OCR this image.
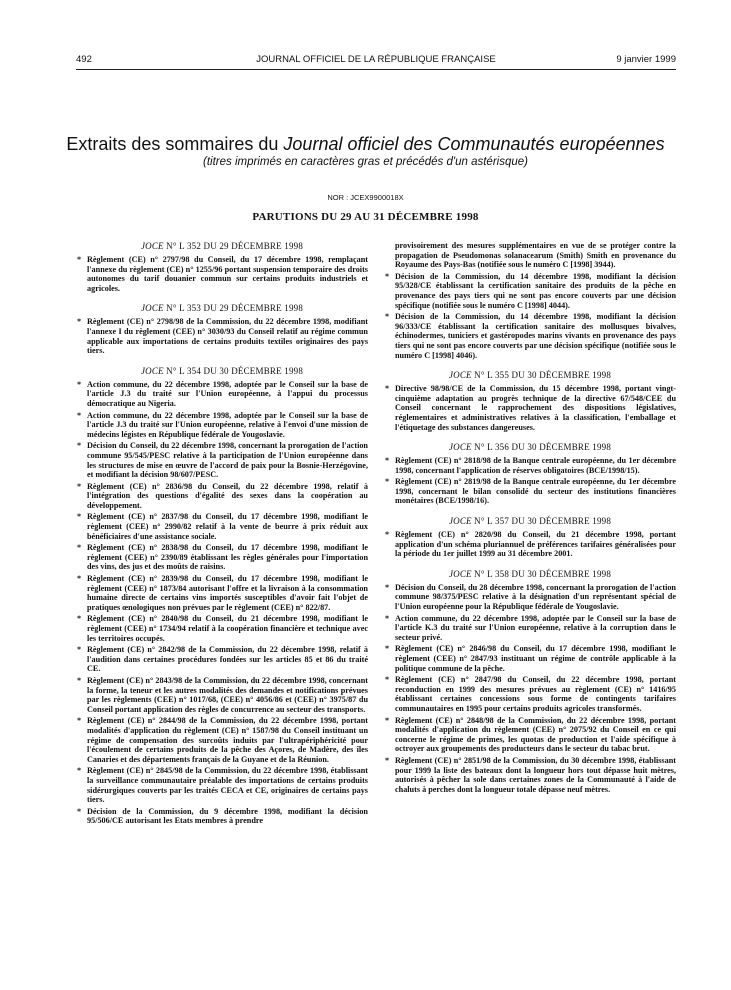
492	JOURNAL OFFICIEL DE LA RÉPUBLIQUE FRANÇAISE	9 janvier 1999
Extraits des sommaires du Journal officiel des Communautés européennes
(titres imprimés en caractères gras et précédés d'un astérisque)
NOR : JCEX9900018X
PARUTIONS DU 29 AU 31 DÉCEMBRE 1998
JOCE N° L 352 DU 29 DÉCEMBRE 1998
* Règlement (CE) n° 2797/98 du Conseil, du 17 décembre 1998, remplaçant l'annexe du règlement (CE) n° 1255/96 portant suspension temporaire des droits autonomes du tarif douanier commun sur certains produits industriels et agricoles.
JOCE N° L 353 DU 29 DÉCEMBRE 1998
* Règlement (CE) n° 2798/98 de la Commission, du 22 décembre 1998, modifiant l'annexe I du règlement (CEE) n° 3030/93 du Conseil relatif au régime commun applicable aux importations de certains produits textiles originaires des pays tiers.
JOCE N° L 354 DU 30 DÉCEMBRE 1998
* Action commune, du 22 décembre 1998, adoptée par le Conseil sur la base de l'article J.3 du traité sur l'Union européenne, à l'appui du processus démocratique au Nigeria.
* Action commune, du 22 décembre 1998, adoptée par le Conseil sur la base de l'article J.3 du traité sur l'Union européenne, relative à l'envoi d'une mission de médecins légistes en République fédérale de Yougoslavie.
* Décision du Conseil, du 22 décembre 1998, concernant la prorogation de l'action commune 95/545/PESC relative à la participation de l'Union européenne dans les structures de mise en œuvre de l'accord de paix pour la Bosnie-Herzégovine, et modifiant la décision 98/607/PESC.
* Règlement (CE) n° 2836/98 du Conseil, du 22 décembre 1998, relatif à l'intégration des questions d'égalité des sexes dans la coopération au développement.
* Règlement (CE) n° 2837/98 du Conseil, du 17 décembre 1998, modifiant le règlement (CEE) n° 2990/82 relatif à la vente de beurre à prix réduit aux bénéficiaires d'une assistance sociale.
* Règlement (CE) n° 2838/98 du Conseil, du 17 décembre 1998, modifiant le règlement (CEE) n° 2390/89 établissant les règles générales pour l'importation des vins, des jus et des moûts de raisins.
* Règlement (CE) n° 2839/98 du Conseil, du 17 décembre 1998, modifiant le règlement (CEE) n° 1873/84 autorisant l'offre et la livraison à la consommation humaine directe de certains vins importés susceptibles d'avoir fait l'objet de pratiques œnologiques non prévues par le règlement (CEE) n° 822/87.
* Règlement (CE) n° 2840/98 du Conseil, du 21 décembre 1998, modifiant le règlement (CEE) n° 1734/94 relatif à la coopération financière et technique avec les territoires occupés.
* Règlement (CE) n° 2842/98 de la Commission, du 22 décembre 1998, relatif à l'audition dans certaines procédures fondées sur les articles 85 et 86 du traité CE.
* Règlement (CE) n° 2843/98 de la Commission, du 22 décembre 1998, concernant la forme, la teneur et les autres modalités des demandes et notifications prévues par les règlements (CEE) n° 1017/68, (CEE) n° 4056/86 et (CEE) n° 3975/87 du Conseil portant application des règles de concurrence au secteur des transports.
* Règlement (CE) n° 2844/98 de la Commission, du 22 décembre 1998, portant modalités d'application du règlement (CE) n° 1587/98 du Conseil instituant un régime de compensation des surcoûts induits par l'ultrapériphéricité pour l'écoulement de certains produits de la pêche des Açores, de Madère, des îles Canaries et des départements français de la Guyane et de la Réunion.
* Règlement (CE) n° 2845/98 de la Commission, du 22 décembre 1998, établissant la surveillance communautaire préalable des importations de certains produits sidérurgiques couverts par les traités CECA et CE, originaires de certains pays tiers.
* Décision de la Commission, du 9 décembre 1998, modifiant la décision 95/506/CE autorisant les Etats membres à prendre
provisoirement des mesures supplémentaires en vue de se protéger contre la propagation de Pseudomonas solanacearum (Smith) Smith en provenance du Royaume des Pays-Bas (notifiée sous le numéro C [1998] 3944).
* Décision de la Commission, du 14 décembre 1998, modifiant la décision 95/328/CE établissant la certification sanitaire des produits de la pêche en provenance des pays tiers qui ne sont pas encore couverts par une décision spécifique (notifiée sous le numéro C [1998] 4044).
* Décision de la Commission, du 14 décembre 1998, modifiant la décision 96/333/CE établissant la certification sanitaire des mollusques bivalves, échinodermes, tuniciers et gastéropodes marins vivants en provenance des pays tiers qui ne sont pas encore couverts par une décision spécifique (notifiée sous le numéro C [1998] 4046).
JOCE N° L 355 DU 30 DÉCEMBRE 1998
* Directive 98/98/CE de la Commission, du 15 décembre 1998, portant vingt-cinquième adaptation au progrès technique de la directive 67/548/CEE du Conseil concernant le rapprochement des dispositions législatives, réglementaires et administratives relatives à la classification, l'emballage et l'étiquetage des substances dangereuses.
JOCE N° L 356 DU 30 DÉCEMBRE 1998
* Règlement (CE) n° 2818/98 de la Banque centrale européenne, du 1er décembre 1998, concernant l'application de réserves obligatoires (BCE/1998/15).
* Règlement (CE) n° 2819/98 de la Banque centrale européenne, du 1er décembre 1998, concernant le bilan consolidé du secteur des institutions financières monétaires (BCE/1998/16).
JOCE N° L 357 DU 30 DÉCEMBRE 1998
* Règlement (CE) n° 2820/98 du Conseil, du 21 décembre 1998, portant application d'un schéma pluriannuel de préférences tarifaires généralisées pour la période du 1er juillet 1999 au 31 décembre 2001.
JOCE N° L 358 DU 30 DÉCEMBRE 1998
* Décision du Conseil, du 28 décembre 1998, concernant la prorogation de l'action commune 98/375/PESC relative à la désignation d'un représentant spécial de l'Union européenne pour la République fédérale de Yougoslavie.
* Action commune, du 22 décembre 1998, adoptée par le Conseil sur la base de l'article K.3 du traité sur l'Union européenne, relative à la corruption dans le secteur privé.
* Règlement (CE) n° 2846/98 du Conseil, du 17 décembre 1998, modifiant le règlement (CEE) n° 2847/93 instituant un régime de contrôle applicable à la politique commune de la pêche.
* Règlement (CE) n° 2847/98 du Conseil, du 22 décembre 1998, portant reconduction en 1999 des mesures prévues au règlement (CE) n° 1416/95 établissant certaines concessions sous forme de contingents tarifaires communautaires en 1995 pour certains produits agricoles transformés.
* Règlement (CE) n° 2848/98 de la Commission, du 22 décembre 1998, portant modalités d'application du règlement (CEE) n° 2075/92 du Conseil en ce qui concerne le régime de primes, les quotas de production et l'aide spécifique à octroyer aux groupements des producteurs dans le secteur du tabac brut.
* Règlement (CE) n° 2851/98 de la Commission, du 30 décembre 1998, établissant pour 1999 la liste des bateaux dont la longueur hors tout dépasse huit mètres, autorisés à pêcher la sole dans certaines zones de la Communauté à l'aide de chaluts à perches dont la longueur totale dépasse neuf mètres.
